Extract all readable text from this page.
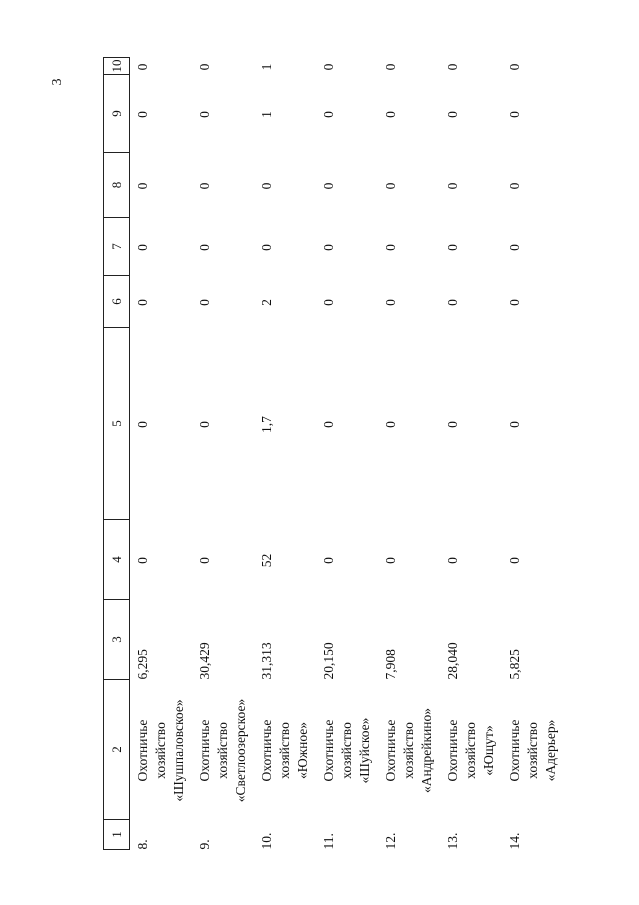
3
1	2	3	4	5	6	7	8	9	10
8.	Охотничье хозяйство «Шушпаловское»	6,295	0	0	0	0	0	0	0
9.	Охотничье хозяйство «Светлоозерское»	30,429	0	0	0	0	0	0	0
10.	Охотничье хозяйство «Южное»	31,313	52	1,7	2	0	0	1	1
11.	Охотничье хозяйство «Шуйское»	20,150	0	0	0	0	0	0	0
12.	Охотничье хозяйство «Андрейкино»	7,908	0	0	0	0	0	0	0
13.	Охотничье хозяйство «Ющут»	28,040	0	0	0	0	0	0	0
14.	Охотничье хозяйство «Адерьер»	5,825	0	0	0	0	0	0	0
